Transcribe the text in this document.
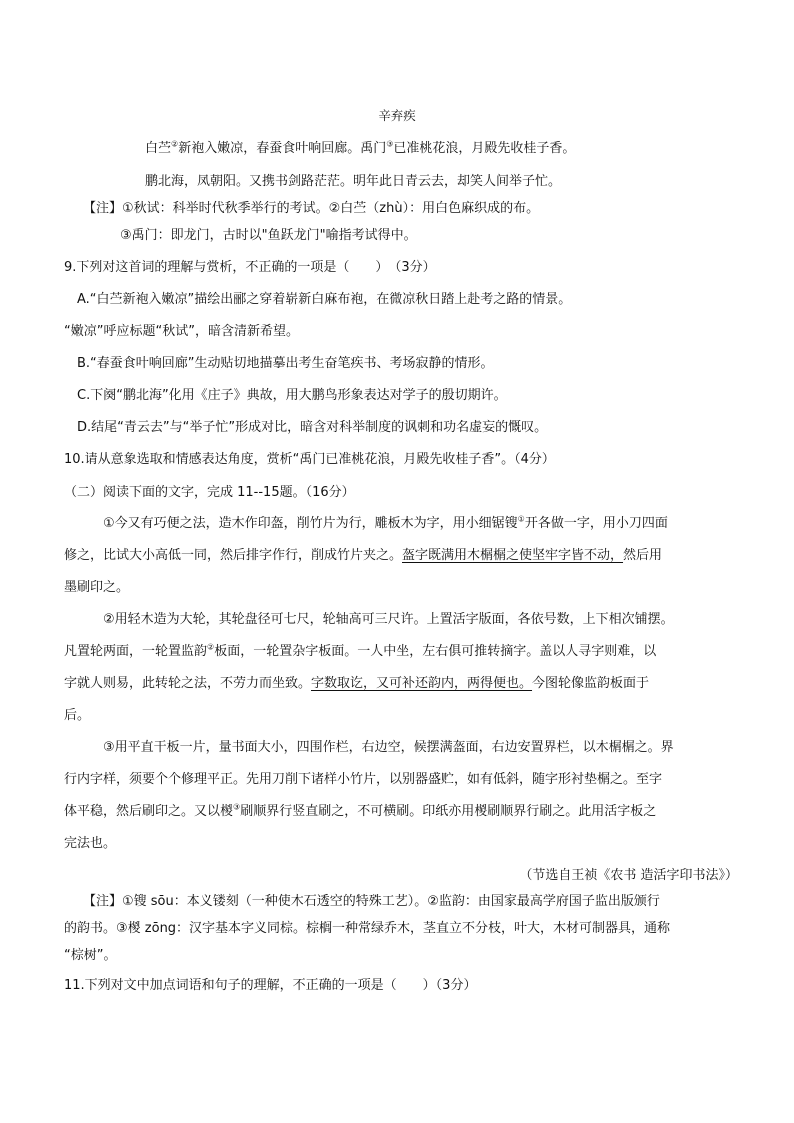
辛弃疾
白苎②新袍入嫩凉，春蚕食叶响回廊。禹门③已准桃花浪，月殿先收桂子香。
鹏北海，凤朝阳。又携书剑路茫茫。明年此日青云去，却笑人间举子忙。
【注】①秋试：科举时代秋季举行的考试。②白苎（zhù）：用白色麻织成的布。
③禹门：即龙门，古时以"鱼跃龙门"喻指考试得中。
9.下列对这首词的理解与赏析，不正确的一项是（　　）　（3分）
A.“白苎新袍入嫩凉”描绘出郦之穿着崭新白麻布袍，在微凉秋日踏上赴考之路的情景。
“嫩凉”呼应标题“秋试”，暗含清新希望。
B.“春蚕食叶响回廊”生动贴切地描摹出考生奋笔疾书、考场寂静的情形。
C.下阕“鹏北海”化用《庄子》典故，用大鹏鸟形象表达对学子的殷切期许。
D.结尾“青云去”与“举子忙”形成对比，暗含对科举制度的讽刺和功名虚妄的慨叹。
10.请从意象选取和情感表达角度，赏析“禹门已准桃花浪，月殿先收桂子香”。（4分）
（二）阅读下面的文字，完成 11--15题。（16分）
①今又有巧便之法，造木作印盔，削竹片为行，雕板木为字，用小细锯锼①开各做一字，用小刀四面
修之，比试大小高低一同，然后排字作行，削成竹片夹之。盔字既满用木榍榍之使坚牢字皆不动，然后用
墨刷印之。
②用轻木造为大轮，其轮盘径可七尺，轮轴高可三尺许。上置活字版面，各依号数，上下相次铺摆。
凡置轮两面，一轮置监韵②板面，一轮置杂字板面。一人中坐，左右俱可推转摘字。盖以人寻字则难，以
字就人则易，此转轮之法，不劳力而坐致。字数取讫，又可补还韵内，两得便也。今图轮像监韵板面于
后。
③用平直干板一片，量书面大小，四围作栏，右边空，候摆满盔面，右边安置界栏，以木榍榍之。界
行内字样，须要个个修理平正。先用刀削下诸样小竹片，以别器盛贮，如有低斜，随字形衬垫榍之。至字
体平稳，然后刷印之。又以椶③刷顺界行竖直刷之，不可横刷。印纸亦用椶刷顺界行刷之。此用活字板之
完法也。
（节选自王祯《农书 造活字印书法》）
【注】①锼 sōu：本义镂刻（一种使木石透空的特殊工艺）。②监韵：由国家最高学府国子监出版颁行
的韵书。③椶 zōng：汉字基本字义同棕。棕榈一种常绿乔木，茎直立不分枝，叶大，木材可制器具，通称
“棕树”。
11.下列对文中加点词语和句子的理解，不正确的一项是（　　）（3分）
